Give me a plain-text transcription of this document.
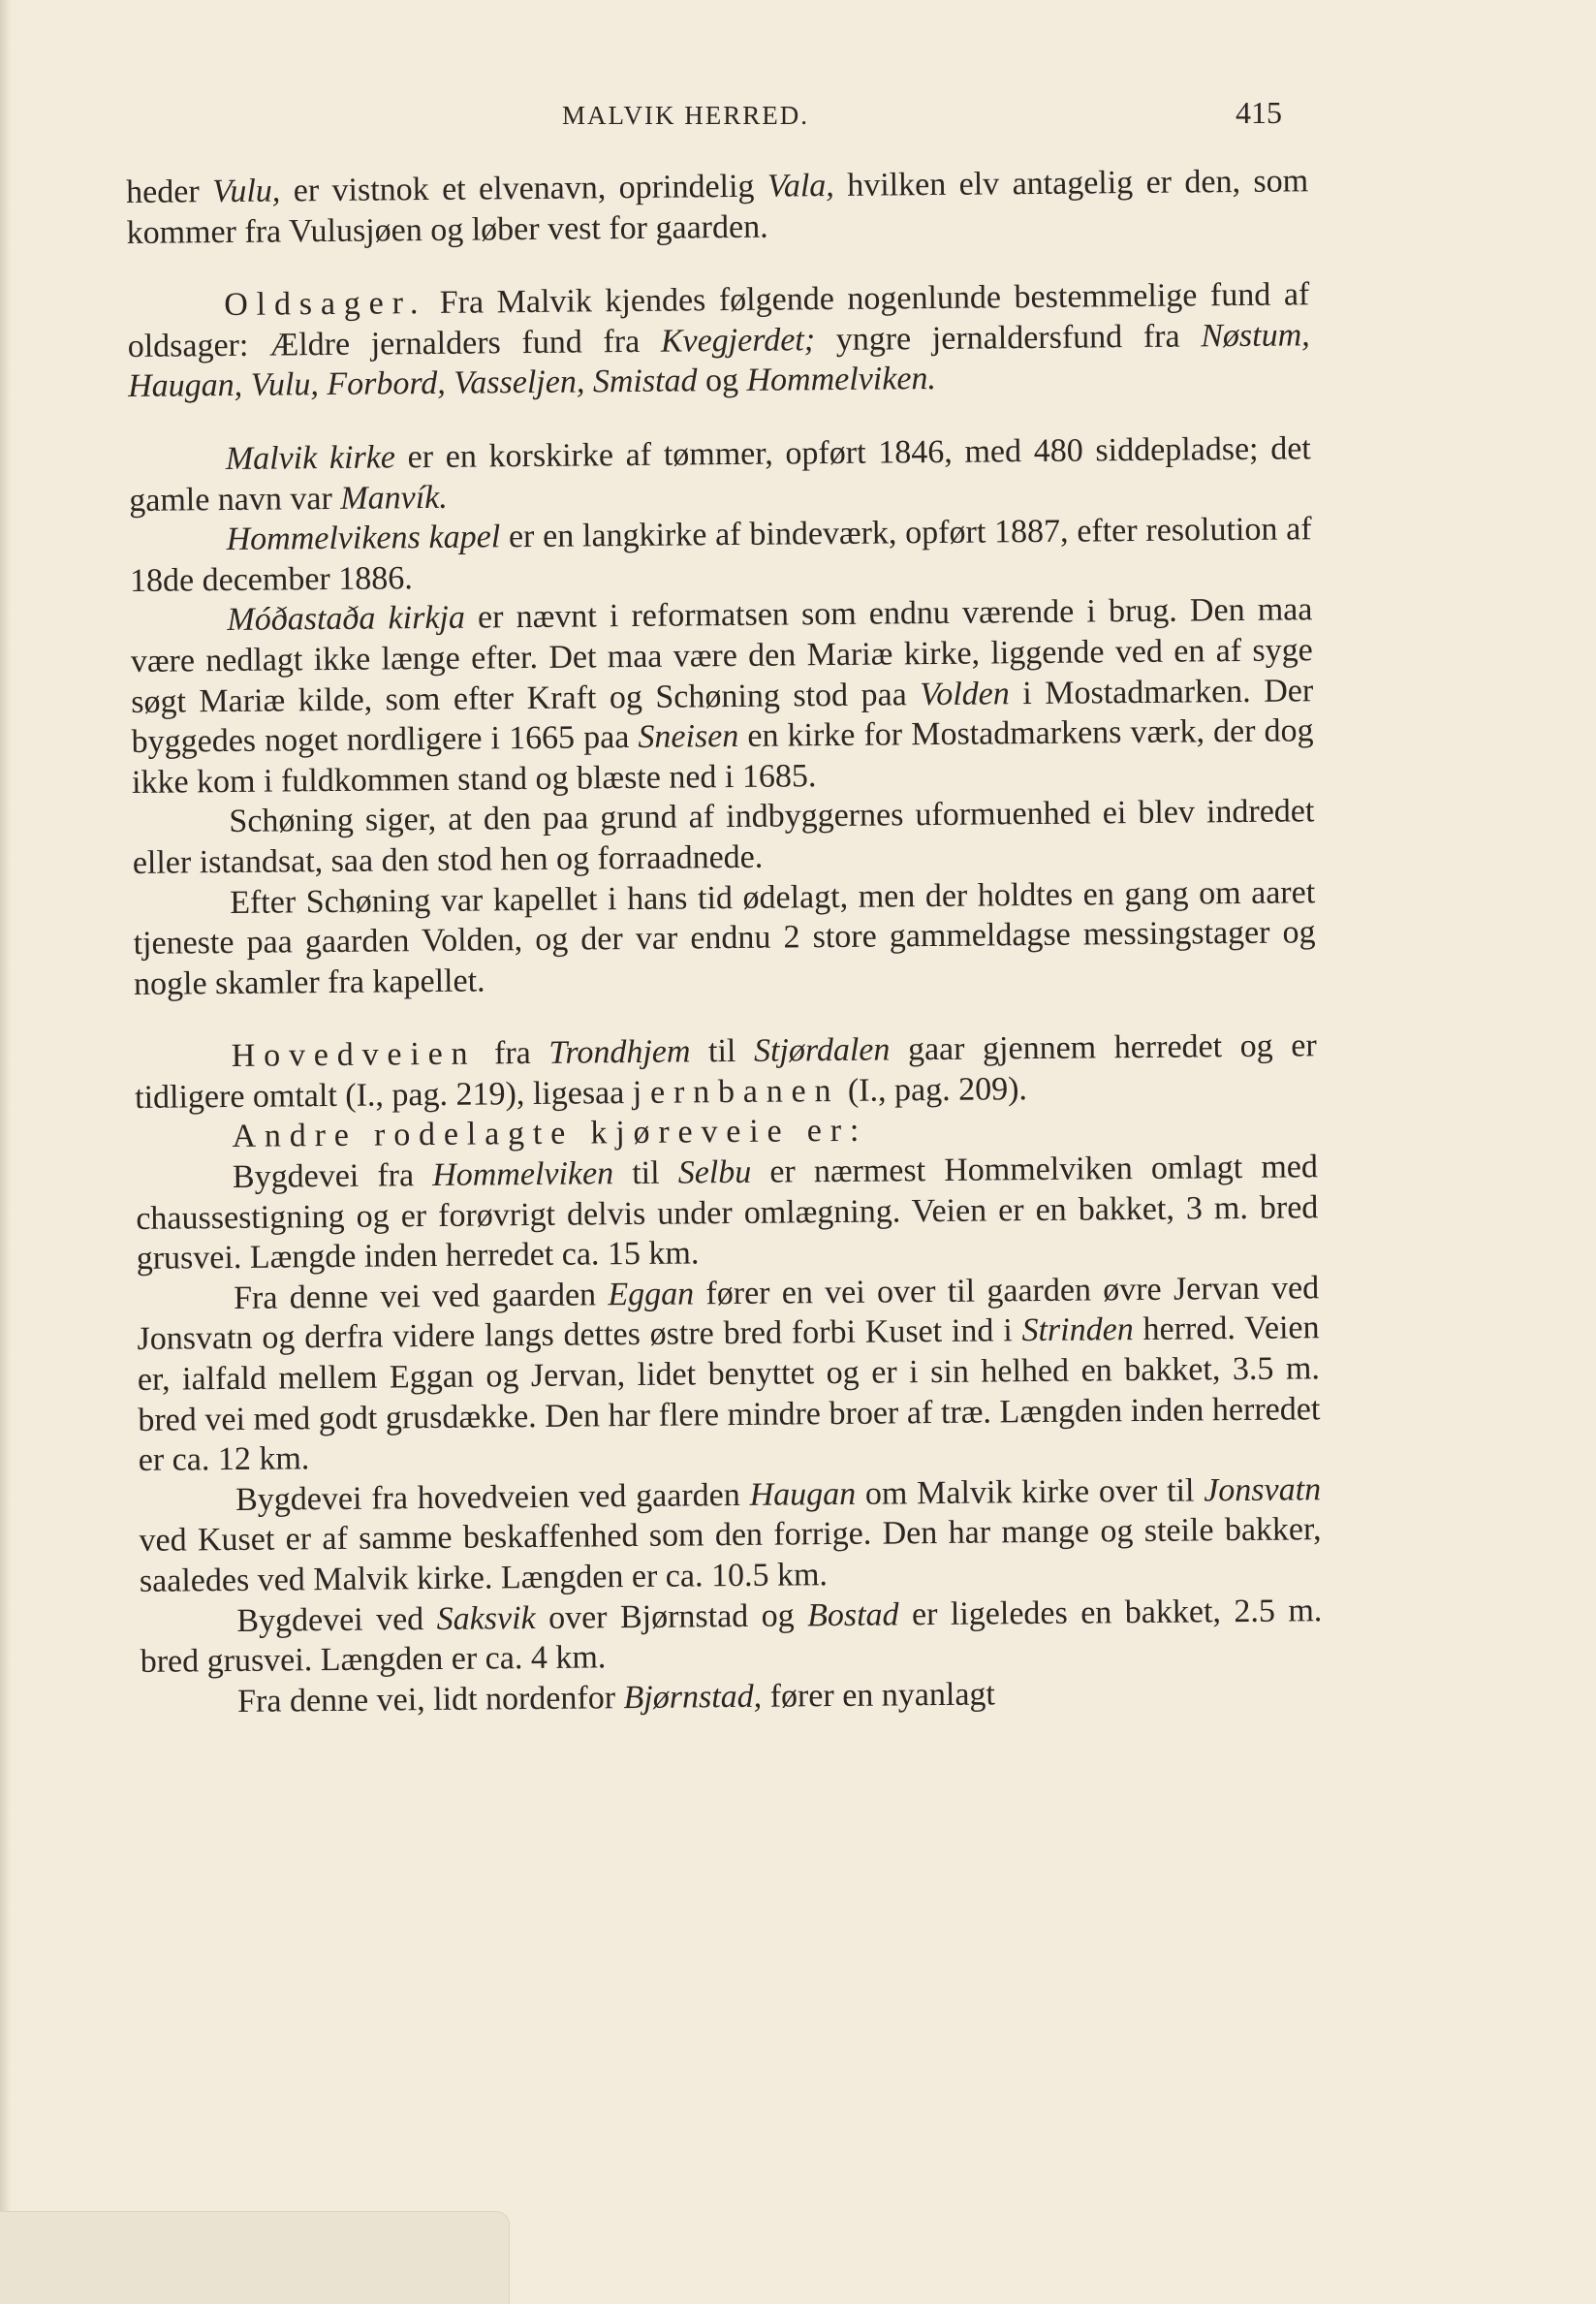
MALVIK HERRED.	415

heder Vulu, er vistnok et elvenavn, oprindelig Vala, hvilken elv antagelig er den, som kommer fra Vulusjøen og løber vest for gaarden.

Oldsager. Fra Malvik kjendes følgende nogenlunde bestemmelige fund af oldsager: Ældre jernalders fund fra Kvegjerdet; yngre jernaldersfund fra Nøstum, Haugan, Vulu, Forbord, Vasseljen, Smistad og Hommelviken.

Malvik kirke er en korskirke af tømmer, opført 1846, med 480 siddepladse; det gamle navn var Manvík.

Hommelvikens kapel er en langkirke af bindeværk, opført 1887, efter resolution af 18de december 1886.

Móðastaða kirkja er nævnt i reformatsen som endnu værende i brug. Den maa være nedlagt ikke længe efter. Det maa være den Mariæ kirke, liggende ved en af syge søgt Mariæ kilde, som efter Kraft og Schøning stod paa Volden i Mostadmarken. Der byggedes noget nordligere i 1665 paa Sneisen en kirke for Mostadmarkens værk, der dog ikke kom i fuldkommen stand og blæste ned i 1685.

Schøning siger, at den paa grund af indbyggernes uformuenhed ei blev indredet eller istandsat, saa den stod hen og forraadnede.

Efter Schøning var kapellet i hans tid ødelagt, men der holdtes en gang om aaret tjeneste paa gaarden Volden, og der var endnu 2 store gammeldagse messingstager og nogle skamler fra kapellet.

Hovedveien fra Trondhjem til Stjørdalen gaar gjennem herredet og er tidligere omtalt (I., pag. 219), ligesaa jernbanen (I., pag. 209).

Andre rodelagte kjøreveie er:

Bygdevei fra Hommelviken til Selbu er nærmest Hommelviken omlagt med chaussestigning og er forøvrigt delvis under omlægning. Veien er en bakket, 3 m. bred grusvei. Længde inden herredet ca. 15 km.

Fra denne vei ved gaarden Eggan fører en vei over til gaarden øvre Jervan ved Jonsvatn og derfra videre langs dettes østre bred forbi Kuset ind i Strinden herred. Veien er, ialfald mellem Eggan og Jervan, lidet benyttet og er i sin helhed en bakket, 3.5 m. bred vei med godt grusdække. Den har flere mindre broer af træ. Længden inden herredet er ca. 12 km.

Bygdevei fra hovedveien ved gaarden Haugan om Malvik kirke over til Jonsvatn ved Kuset er af samme beskaffenhed som den forrige. Den har mange og steile bakker, saaledes ved Malvik kirke. Længden er ca. 10.5 km.

Bygdevei ved Saksvik over Bjørnstad og Bostad er ligeledes en bakket, 2.5 m. bred grusvei. Længden er ca. 4 km.

Fra denne vei, lidt nordenfor Bjørnstad, fører en nyanlagt
